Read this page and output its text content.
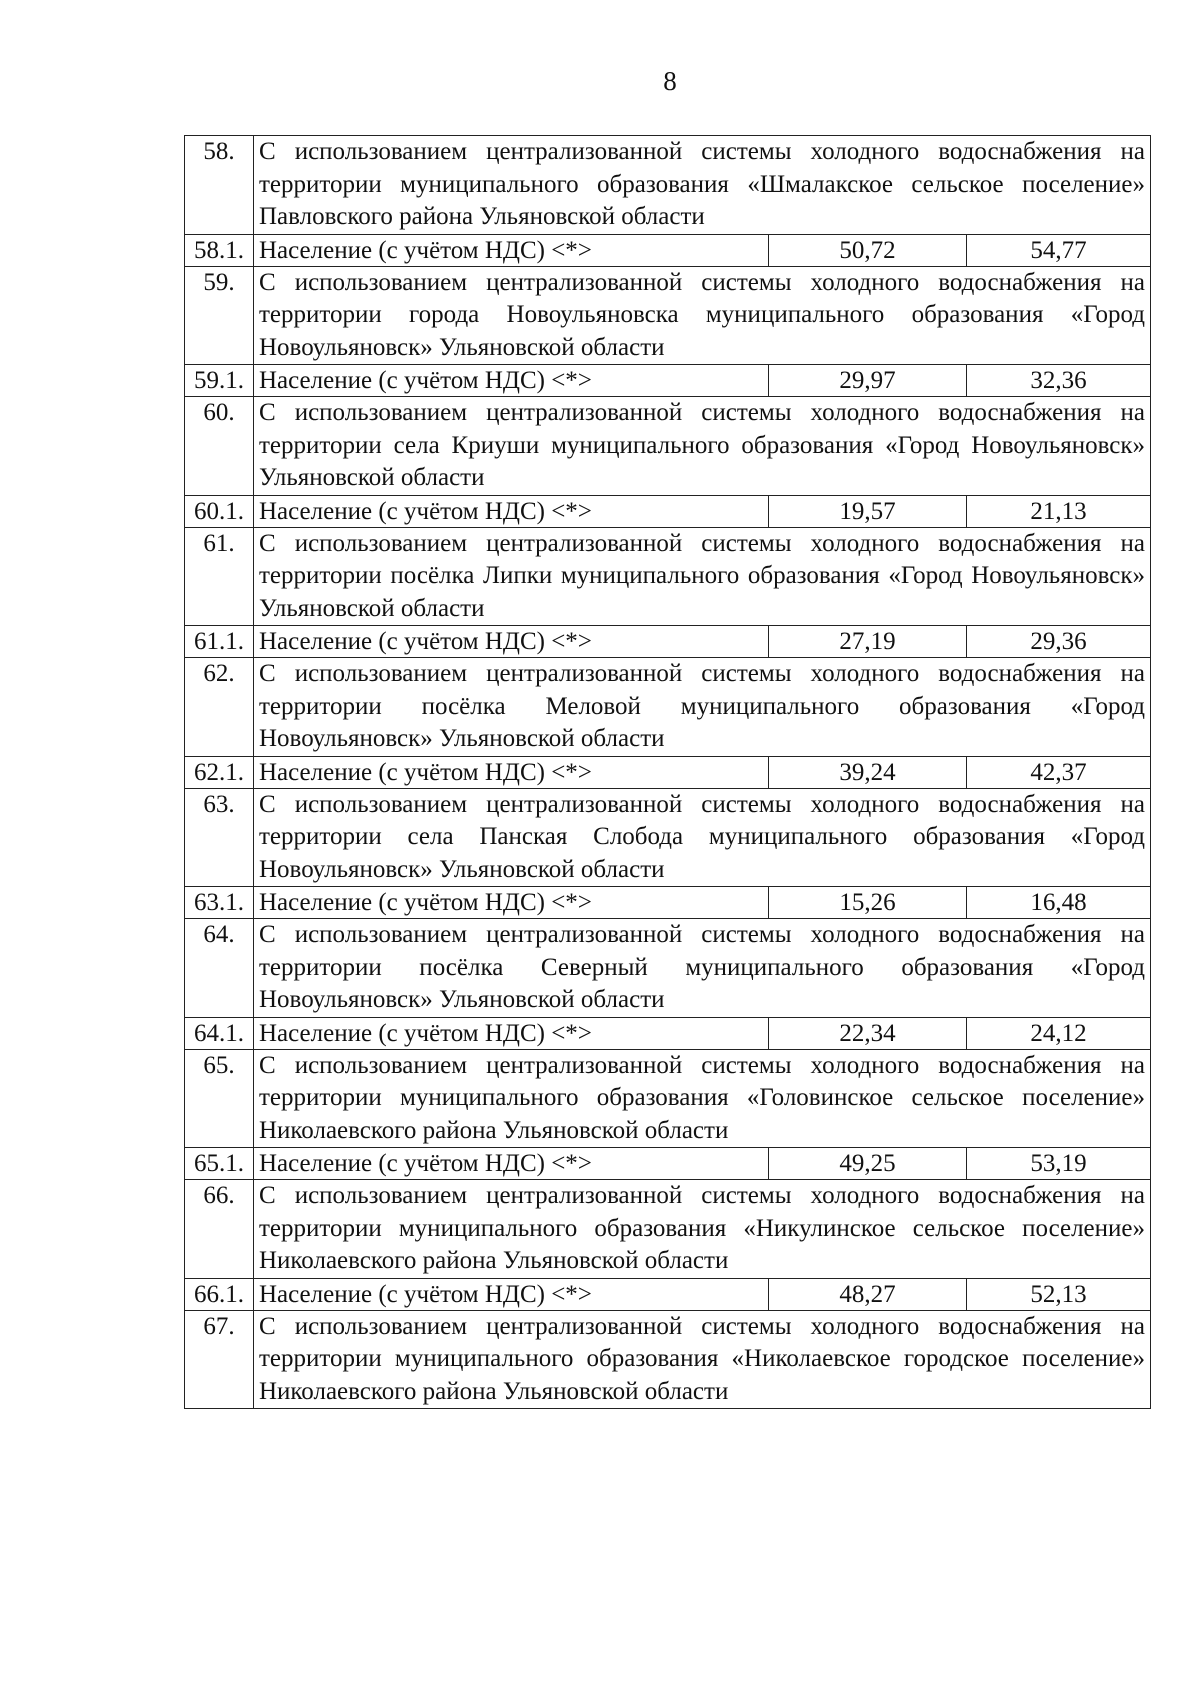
8
58.	С использованием централизованной системы холодного водоснабжения на территории муниципального образования «Шмалакское сельское поселение» Павловского района Ульяновской области		
58.1.	Население (с учётом НДС) <*>	50,72	54,77
59.	С использованием централизованной системы холодного водоснабжения на территории города Новоульяновска муниципального образования «Город Новоульяновск» Ульяновской области		
59.1.	Население (с учётом НДС) <*>	29,97	32,36
60.	С использованием централизованной системы холодного водоснабжения на территории села Криуши муниципального образования «Город Новоульяновск» Ульяновской области		
60.1.	Население (с учётом НДС) <*>	19,57	21,13
61.	С использованием централизованной системы холодного водоснабжения на территории посёлка Липки муниципального образования «Город Новоульяновск» Ульяновской области		
61.1.	Население (с учётом НДС) <*>	27,19	29,36
62.	С использованием централизованной системы холодного водоснабжения на территории посёлка Меловой муниципального образования «Город Новоульяновск» Ульяновской области		
62.1.	Население (с учётом НДС) <*>	39,24	42,37
63.	С использованием централизованной системы холодного водоснабжения на территории села Панская Слобода муниципального образования «Город Новоульяновск» Ульяновской области		
63.1.	Население (с учётом НДС) <*>	15,26	16,48
64.	С использованием централизованной системы холодного водоснабжения на территории посёлка Северный муниципального образования «Город Новоульяновск» Ульяновской области		
64.1.	Население (с учётом НДС) <*>	22,34	24,12
65.	С использованием централизованной системы холодного водоснабжения на территории муниципального образования «Головинское сельское поселение» Николаевского района Ульяновской области		
65.1.	Население (с учётом НДС) <*>	49,25	53,19
66.	С использованием централизованной системы холодного водоснабжения на территории муниципального образования «Никулинское сельское поселение» Николаевского района Ульяновской области		
66.1.	Население (с учётом НДС) <*>	48,27	52,13
67.	С использованием централизованной системы холодного водоснабжения на территории муниципального образования «Николаевское городское поселение» Николаевского района Ульяновской области		
